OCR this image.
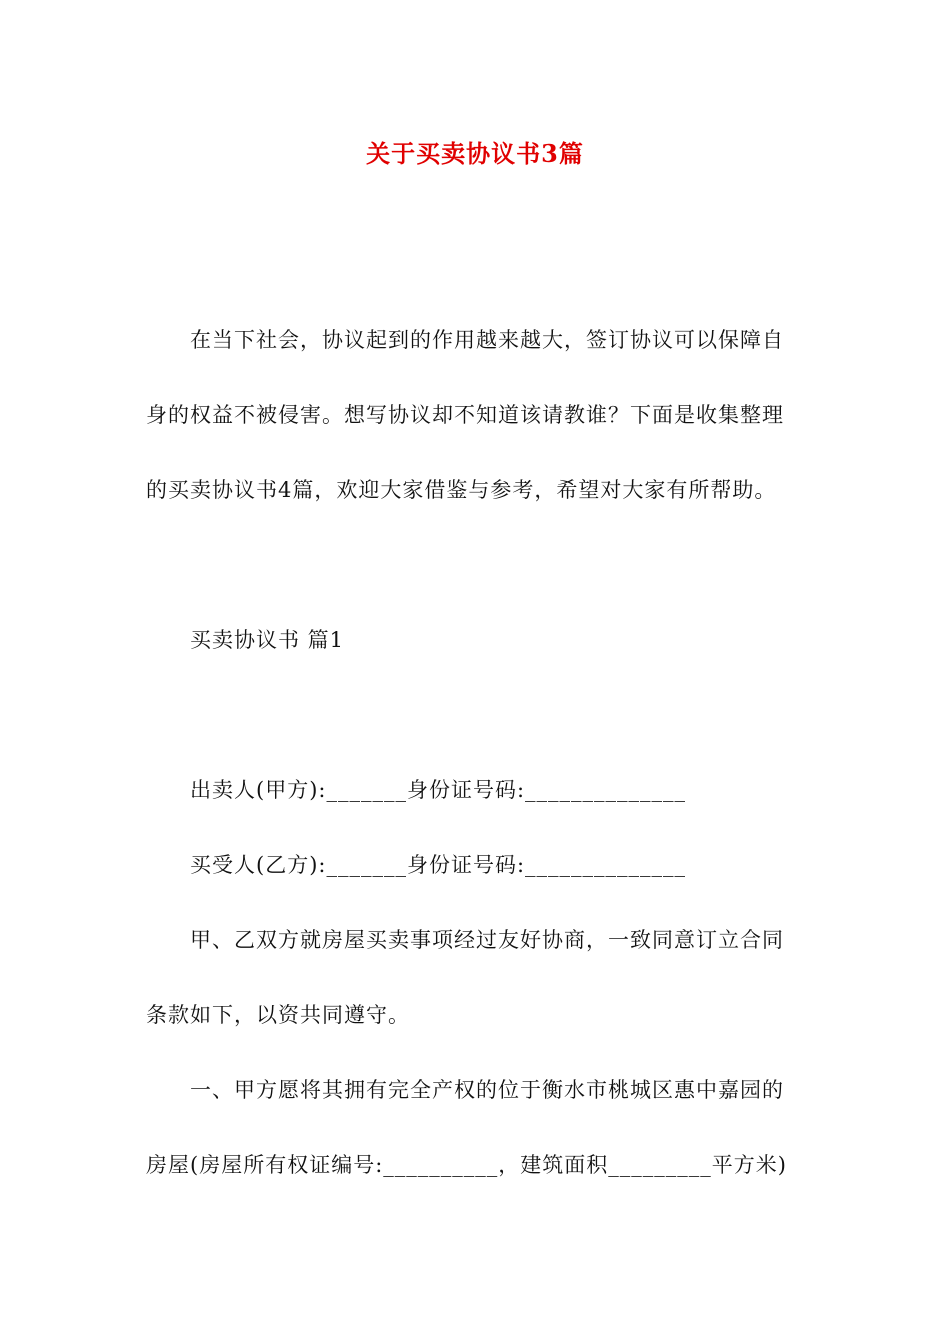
关于买卖协议书3篇
在当下社会，协议起到的作用越来越大，签订协议可以保障自
身的权益不被侵害。想写协议却不知道该请教谁？下面是收集整理
的买卖协议书4篇，欢迎大家借鉴与参考，希望对大家有所帮助。
买卖协议书 篇1
出卖人(甲方):_______身份证号码:______________
买受人(乙方):_______身份证号码:______________
甲、乙双方就房屋买卖事项经过友好协商，一致同意订立合同
条款如下，以资共同遵守。
一、甲方愿将其拥有完全产权的位于衡水市桃城区惠中嘉园的
房屋(房屋所有权证编号:__________，建筑面积_________平方米)
